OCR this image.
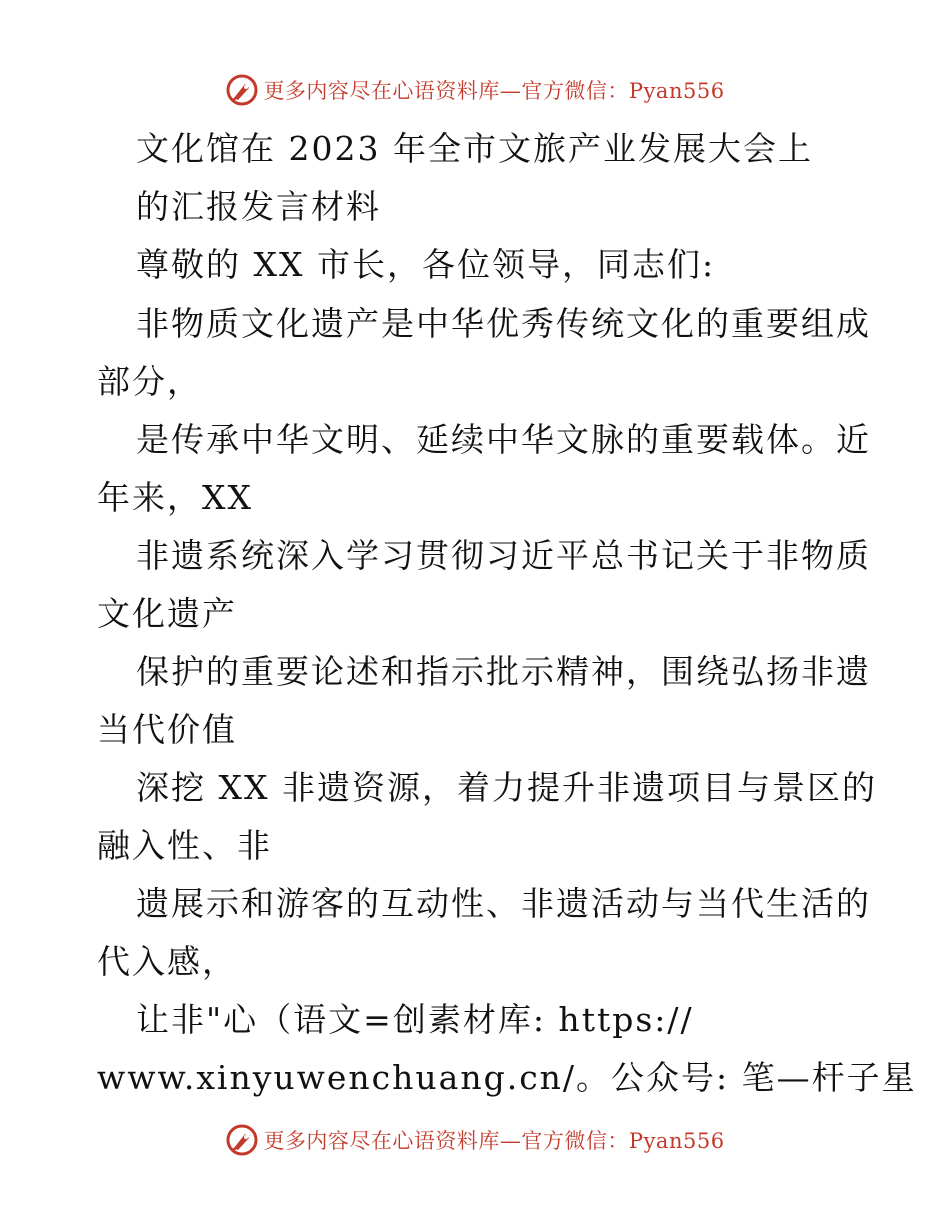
更多内容尽在心语资料库—官方微信：Pyan556
文化馆在 2023 年全市文旅产业发展大会上
的汇报发言材料
尊敬的 XX 市长，各位领导，同志们:
非物质文化遗产是中华优秀传统文化的重要组成
部分，
是传承中华文明、延续中华文脉的重要载体。近
年来，XX
非遗系统深入学习贯彻习近平总书记关于非物质
文化遗产
保护的重要论述和指示批示精神，围绕弘扬非遗
当代价值
深挖 XX 非遗资源，着力提升非遗项目与景区的
融入性、非
遗展示和游客的互动性、非遗活动与当代生活的
代入感，
让非"心（语文=创素材库: https://
www.xinyuwenchuang.cn/。公众号: 笔—杆子星
更多内容尽在心语资料库—官方微信：Pyan556
